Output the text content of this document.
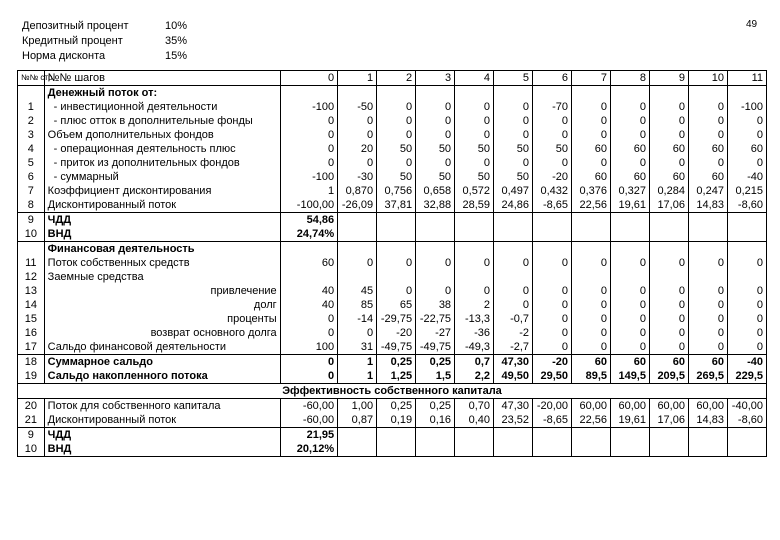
Депозитный процент	10%
Кредитный процент	35%
Норма дисконта	15%
49
№№ стр.	№№ шагов	0	1	2	3	4	5	6	7	8	9	10	11
	Денежный поток от:												
1	- инвестиционной деятельности	-100	-50	0	0	0	0	-70	0	0	0	0	-100
2	- плюс отток в дополнительные фонды	0	0	0	0	0	0	0	0	0	0	0	0
3	Объем дополнительных фондов	0	0	0	0	0	0	0	0	0	0	0	0
4	- операционная деятельность плюс	0	20	50	50	50	50	50	60	60	60	60	60
5	- приток из дополнительных фондов	0	0	0	0	0	0	0	0	0	0	0	0
6	- суммарный	-100	-30	50	50	50	50	-20	60	60	60	60	-40
7	Коэффициент дисконтирования	1	0,870	0,756	0,658	0,572	0,497	0,432	0,376	0,327	0,284	0,247	0,215
8	Дисконтированный поток	-100,00	-26,09	37,81	32,88	28,59	24,86	-8,65	22,56	19,61	17,06	14,83	-8,60
9	ЧДД	54,86											
10	ВНД	24,74%											
	Финансовая деятельность												
11	Поток собственных средств	60	0	0	0	0	0	0	0	0	0	0	0
12	Заемные средства												
13	привлечение	40	45	0	0	0	0	0	0	0	0	0	0
14	долг	40	85	65	38	2	0	0	0	0	0	0	0
15	проценты	0	-14	-29,75	-22,75	-13,3	-0,7	0	0	0	0	0	0
16	возврат основного долга	0	0	-20	-27	-36	-2	0	0	0	0	0	0
17	Сальдо финансовой деятельности	100	31	-49,75	-49,75	-49,3	-2,7	0	0	0	0	0	0
18	Суммарное сальдо	0	1	0,25	0,25	0,7	47,30	-20	60	60	60	60	-40
19	Сальдо накопленного потока	0	1	1,25	1,5	2,2	49,50	29,50	89,5	149,5	209,5	269,5	229,5
Эффективность собственного капитала													
20	Поток для собственного капитала	-60,00	1,00	0,25	0,25	0,70	47,30	-20,00	60,00	60,00	60,00	60,00	-40,00
21	Дисконтированный поток	-60,00	0,87	0,19	0,16	0,40	23,52	-8,65	22,56	19,61	17,06	14,83	-8,60
9	ЧДД	21,95											
10	ВНД	20,12%											
